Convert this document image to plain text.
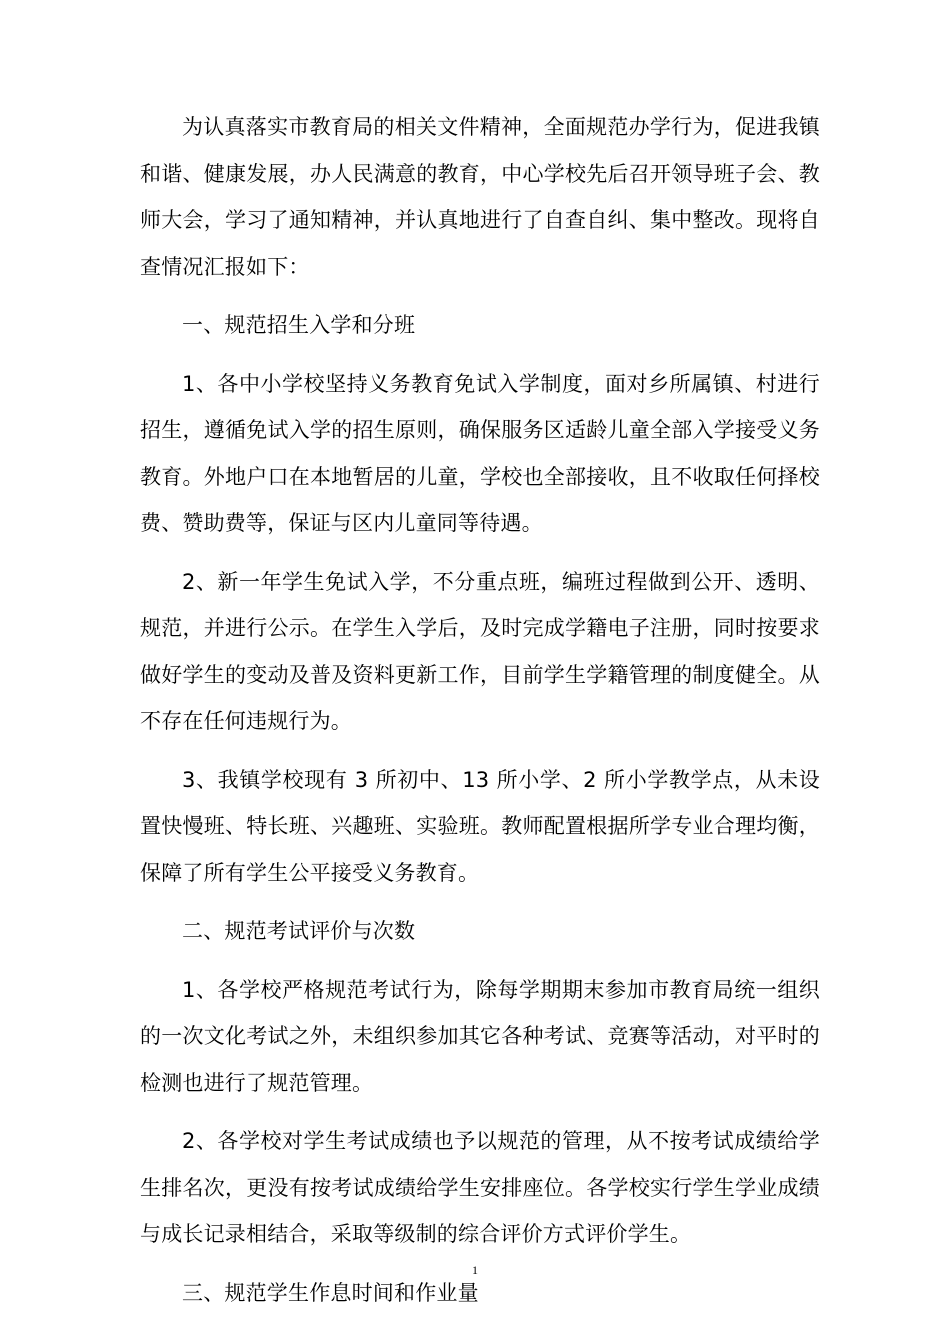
为认真落实市教育局的相关文件精神，全面规范办学行为，促进我镇和谐、健康发展，办人民满意的教育，中心学校先后召开领导班子会、教师大会，学习了通知精神，并认真地进行了自查自纠、集中整改。现将自查情况汇报如下：

一、规范招生入学和分班

1、各中小学校坚持义务教育免试入学制度，面对乡所属镇、村进行招生，遵循免试入学的招生原则，确保服务区适龄儿童全部入学接受义务教育。外地户口在本地暂居的儿童，学校也全部接收，且不收取任何择校费、赞助费等，保证与区内儿童同等待遇。

2、新一年学生免试入学，不分重点班，编班过程做到公开、透明、规范，并进行公示。在学生入学后，及时完成学籍电子注册，同时按要求做好学生的变动及普及资料更新工作，目前学生学籍管理的制度健全。从不存在任何违规行为。

3、我镇学校现有 3 所初中、13 所小学、2 所小学教学点，从未设置快慢班、特长班、兴趣班、实验班。教师配置根据所学专业合理均衡，保障了所有学生公平接受义务教育。

二、规范考试评价与次数

1、各学校严格规范考试行为，除每学期期末参加市教育局统一组织的一次文化考试之外，未组织参加其它各种考试、竞赛等活动，对平时的检测也进行了规范管理。

2、各学校对学生考试成绩也予以规范的管理，从不按考试成绩给学生排名次，更没有按考试成绩给学生安排座位。各学校实行学生学业成绩与成长记录相结合，采取等级制的综合评价方式评价学生。

三、规范学生作息时间和作业量

1
